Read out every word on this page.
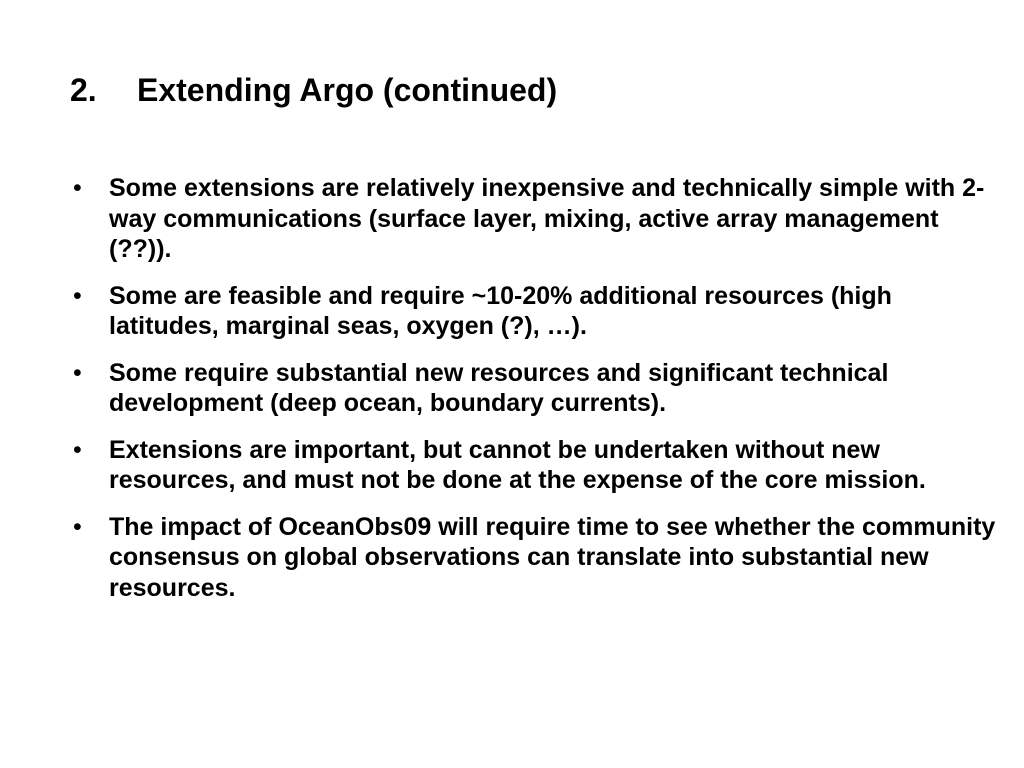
2.	Extending Argo (continued)
•	Some extensions are relatively inexpensive and technically simple with 2-way communications (surface layer, mixing, active array management (??)).
•	Some are feasible and require ~10-20% additional resources (high latitudes, marginal seas, oxygen (?), …).
•	Some require substantial new resources and significant technical development (deep ocean, boundary currents).
•	Extensions are important, but cannot be undertaken without new resources, and must not be done at the expense of the core mission.
•	The impact of OceanObs09 will require time to see whether the community consensus on global observations can translate into substantial new resources.
